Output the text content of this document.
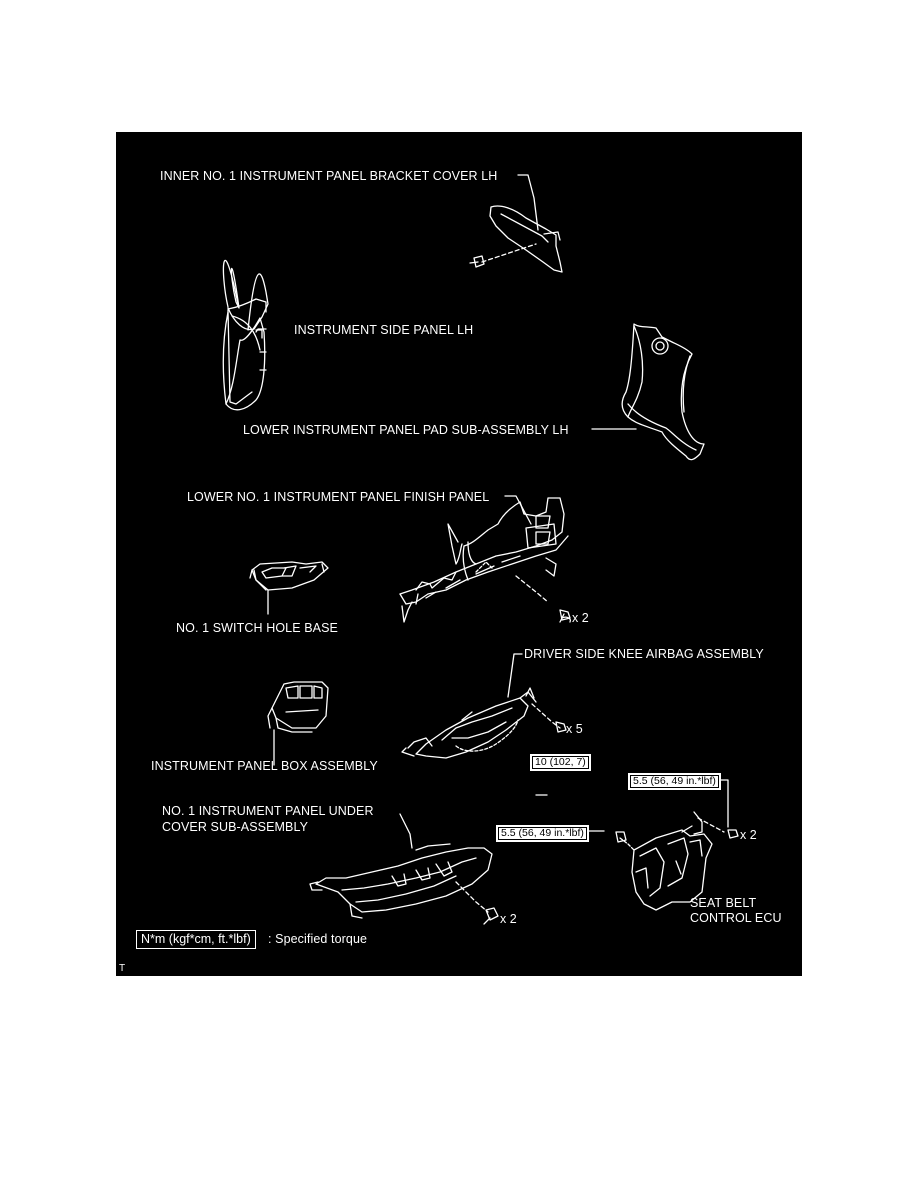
INNER NO. 1 INSTRUMENT PANEL BRACKET COVER LH
INSTRUMENT SIDE PANEL LH
LOWER INSTRUMENT PANEL PAD SUB-ASSEMBLY LH
LOWER NO. 1 INSTRUMENT PANEL FINISH PANEL
NO. 1 SWITCH HOLE BASE
DRIVER SIDE KNEE AIRBAG ASSEMBLY
INSTRUMENT PANEL BOX ASSEMBLY
NO. 1 INSTRUMENT PANEL UNDER
COVER SUB-ASSEMBLY
SEAT BELT
CONTROL ECU
x 2
x 5
x 2
x 2
10 (102, 7)
5.5 (56, 49 in.*lbf)
5.5 (56, 49 in.*lbf)
N*m (kgf*cm, ft.*lbf)	: Specified torque
T
